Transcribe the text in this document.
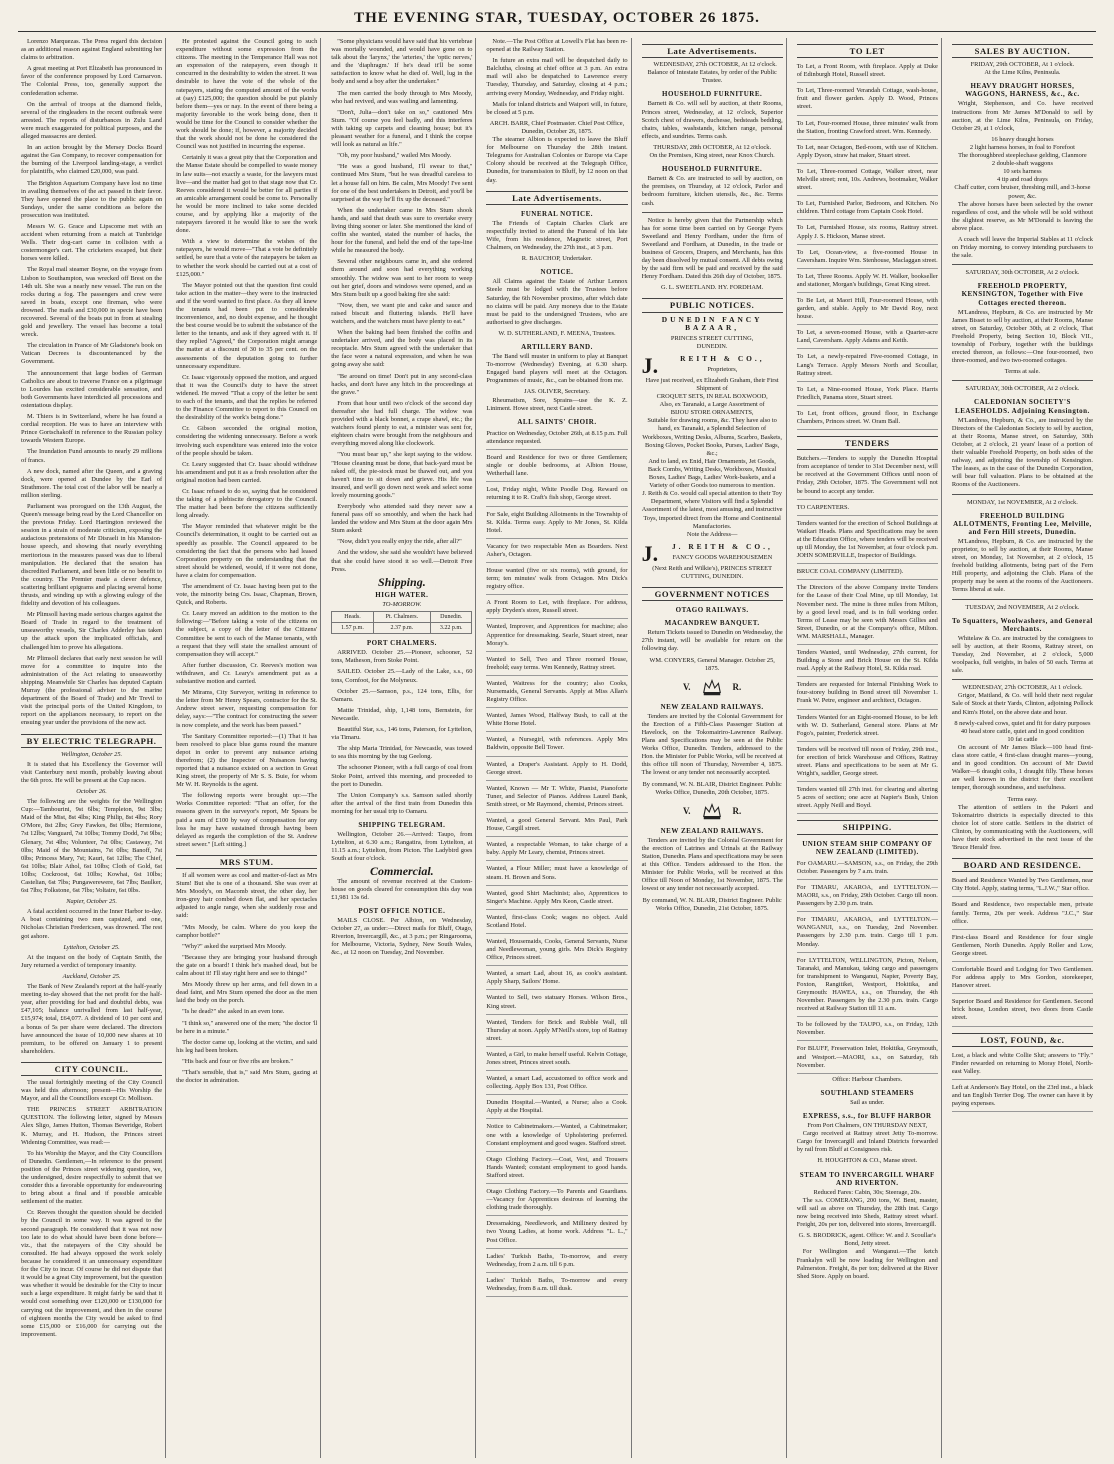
THE EVENING STAR, TUESDAY, OCTOBER 26 1875.

Lorenzo Marquezas. The Press regard this decision as an additional reason against England submitting her claims to arbitration.

A great meeting at Port Elizabeth has pronounced in favor of the conference proposed by Lord Carnarvon. The Colonial Press, too, generally support the confederation scheme.

On the arrival of troops at the diamond fields, several of the ringleaders in the recent outbreak were arrested. The reports of disturbances in Zulu Land were much exaggerated for political purposes, and the alleged massacres are denied.

In an action brought by the Mersey Docks Board against the Gas Company, to recover compensation for the burning of the Liverpool landing-stage, a verdict for plaintiffs, who claimed £20,000, was paid.

The Brighton Aquarium Company have lost no time in availing themselves of the act passed in their favor. They have opened the place to the public again on Sundays, under the same conditions as before the prosecution was instituted.

Messrs W. G. Grace and Lipscome met with an accident when returning from a match at Tunbridge Wells. Their dog-cart came in collision with a costermonger's cart. The cricketers escaped, but their horses were killed.

The Royal mail steamer Boyne, on the voyage from Lisbon to Southampton, was wrecked off Brest on the 14th ult. She was a nearly new vessel. The run on the rocks during a fog. The passengers and crew were saved in boats, except one fireman, who were drowned. The mails and £30,000 in specie have been recovered. Several of the boats put in from at stealing gold and jewellery. The vessel has become a total wreck.

The circulation in France of Mr Gladstone's book on Vatican Decrees is discountenanced by the Government.

The announcement that large bodies of German Catholics are about to traverse France on a pilgrimage to Lourdes has excited considerable sensation, and both Governments have interdicted all processions and ostentatious display.

M. Thiers is in Switzerland, where he has found a cordial reception. He was to have an interview with Prince Gortschakoff in reference to the Russian policy towards Western Europe.

The Inundation Fund amounts to nearly 29 millions of francs.

A new dock, named after the Queen, and a graving dock, were opened at Dundee by the Earl of Strathmore. The total cost of the labor will be nearly a million sterling.

Parliament was prorogued on the 13th August, the Queen's message being read by the Lord Chancellor on the previous Friday. Lord Hartington reviewed the session in a strain of moderate criticism, exposing the audacious pretensions of Mr Disraeli in his Mansion-house speech, and showing that nearly everything meritorious in the measures passed was due to liberal manipulation. He declared that the session has discredited Parliament, and been little or no benefit to the country. The Premier made a clever defence, scattering brilliant epigrams and placing several home thrusts, and winding up with a glowing eulogy of the fidelity and devotion of his colleagues.

Mr Plimsoll having made serious charges against the Board of Trade in regard to the treatment of unseaworthy vessels, Sir Charles Adderley has taken up the attack upon the implicated officials, and challenged him to prove his allegations.

Mr Plimsoll declares that early next session he will move for a committee to inquire into the administration of the Act relating to unseaworthy shipping. Meanwhile Sir Charles has deputed Captain Murray (the professional adviser to the marine department of the Board of Trade) and Mr Trevil to visit the principal ports of the United Kingdom, to report on the appliances necessary, to report on the ensuing year under the provisions of the new act.

BY ELECTRIC TELEGRAPH.
Wellington, October 25.

It is stated that his Excellency the Governor will visit Canterbury next month, probably leaving about the 6th prox. He will be present at the Cup races.

October 26.

The following are the weights for the Wellington Cup:—Tambourini, 9st 6lbs; Templeton, 9st 3lbs; Maid of the Mist, 8st 4lbs; King Philip, 8st 4lbs; Rory O'More, 8st 2lbs; Grey Fawkes, 8st 0lbs; Hermione, 7st 12lbs; Vanguard, 7st 10lbs; Tommy Dodd, 7st 9lbs; Glenary, 7st 4lbs; Volunteer, 7st 0lbs; Castaway, 7st 0lbs; Maid of the Mountains, 7st 0lbs; Banoff, 7st 0lbs; Princess Mary, 7st; Kauri, 6st 12lbs; The Chief, 6st 10lbs; Blair Athol, 6st 10lbs; Cloth of Gold, 6st 10lbs; Cockroost, 6st 10lbs; Kowhai, 6st 10lbs; Castelian, 6st 7lbs; Pungawerewere, 6st 7lbs; Baulker, 6st 7lbs; Folkstone, 6st 7lbs; Voltaire, 6st 0lbs.

Napier, October 25.

A fatal accident occurred in the Inner Harbor to-day. A boat containing two men capsized, and one, Nicholas Christian Fredericsen, was drowned. The rest got ashore.

Lyttelton, October 25.

At the inquest on the body of Captain Smith, the Jury returned a verdict of temporary insanity.

Auckland, October 25.

The Bank of New Zealand's report at the half-yearly meeting to-day showed that the net profit for the half-year, after providing for bad and doubtful debts, was £47,105; balance unrivalled from last half-year, £15,974; total, £64,077. A dividend of 10 per cent and a bonus of 5s per share were declared. The directors have announced the issue of 10,000 new shares at 10 premium, to be offered on January 1 to present shareholders.

CITY COUNCIL.

The usual fortnightly meeting of the City Council was held this afternoon; present—His Worship the Mayor, and all the Councillors except Cr. Mollison.

THE PRINCES STREET ARBITRATION QUESTION. The following letter, signed by Messrs Alex Sligo, James Hutton, Thomas Beveridge, Robert K. Murray, and H. Hudson, the Princes street Widening Committee, was read:—

To his Worship the Mayor, and the City Councillors of Dunedin. Gentlemen,—In reference to the present position of the Princes street widening question, we, the undersigned, desire respectfully to submit that we consider this a favorable opportunity for endeavouring to bring about a final and if possible amicable settlement of the matter.

Cr. Reeves thought the question should be decided by the Council in some way. It was agreed to the second paragraph. He considered that it was not now too late to do what should have been done before—viz., that the ratepayers of the City should be consulted. He had always opposed the work solely because he considered it an unnecessary expenditure for the City to incur. Of course he did not dispute that it would be a great City improvement, but the question was whether it would be desirable for the City to incur such a large expenditure. It might fairly be said that it would cost something over £120,000 or £130,000 for carrying out the improvement, and then in the course of eighteen months the City would be asked to find some £15,000 or £16,000 for carrying out the improvement.

He protested against the Council going to such expenditure without some expression from the citizens. The meeting in the Temperance Hall was not an expression of the ratepayers, even though it concurred in the desirability to widen the street. It was desirable to have the vote of the whole of the ratepayers, stating the computed amount of the works at (say) £125,000; the question should be put plainly before them—yes or nay. In the event of there being a majority favorable to the work being done, then it would be time for the Council to consider whether the work should be done; if, however, a majority decided that the work should not be done he considered the Council was not justified in incurring the expense.

Certainly it was a great pity that the Corporation and the Manse Estate should be compelled to waste money in law suits—not exactly a waste, for the lawyers must live—and the matter had got to that stage now that Cr. Reeves considered it would be better for all parties if an amicable arrangement could be come to. Personally he would be more inclined to take some decided course, and by applying like a majority of the ratepayers favored it he would like to see the work done.

With a view to determine the wishes of the ratepayers, he would move—"That a vote be definitely settled, be sure that a vote of the ratepayers be taken as to whether the work should be carried out at a cost of £125,000."

The Mayor pointed out that the question first could take action in the matter—they were to the instructed and if the word wanted to first place. As they all knew the tenants had been put to considerable inconvenience, and, no doubt expense, and he thought the best course would be to submit the substance of the letter to the tenants, and ask if they agreed with it. If they replied "Agreed," the Corporation might arrange the matter at a discount of 30 to 35 per cent. on the assessments of the deputation going to further unnecessary expenditure.

Cr. Isaac vigorously opposed the motion, and argued that it was the Council's duty to have the street widened. He moved "That a copy of the letter be sent to each of the tenants, and that the replies be referred to the Finance Committee to report to this Council on the desirability of the work's being done."

Cr. Gibson seconded the original motion, considering the widening unnecessary. Before a work involving such expenditure was entered into the voice of the people should be taken.

Cr. Leary suggested that Cr. Isaac should withdraw his amendment and put it as a fresh resolution after the original motion had been carried.

Cr. Isaac refused to do so, saying that he considered the taking of a plebiscite derogatory to the Council. The matter had been before the citizens sufficiently long already.

The Mayor reminded that whatever might be the Council's determination, it ought to be carried out as speedily as possible. The Council appeared to be considering the fact that the persons who had leased Corporation property on the understanding that the street should be widened, would, if it were not done, have a claim for compensation.

The amendment of Cr. Isaac having been put to the vote, the minority being Crs. Isaac, Chapman, Brown, Quick, and Roberts.

Cr. Leary moved an addition to the motion to the following:—"Before taking a vote of the citizens on the subject, a copy of the letter of the Citizens' Committee be sent to each of the Manse tenants, with a request that they will state the smallest amount of compensation they will accept."

After further discussion, Cr. Reeves's motion was withdrawn, and Cr. Leary's amendment put as a substantive motion and carried.

Mr Mirams, City Surveyor, writing in reference to the letter from Mr Henry Spears, contractor for the St. Andrew street sewer, requesting compensation for delay, says:—"The contract for constructing the sewer is now complete, and the work has been passed."

The Sanitary Committee reported:—(1) That it has been resolved to place blue gums round the manure depot in order to prevent any nuisance arising therefrom; (2) the Inspector of Nuisances having reported that a nuisance existed on a section in Great King street, the property of Mr S. S. Buie, for whom Mr W. H. Reynolds is the agent.

The following reports were brought up:—The Works Committee reported: "That an offer, for the reasons given in the surveyor's report, Mr Spears be paid a sum of £100 by way of compensation for any loss he may have sustained through having been delayed as regards the completion of the St. Andrew street sewer." [Left sitting.]

MRS STUM.

If all women were as cool and matter-of-fact as Mrs Stum! But she is one of a thousand. She was over at Mrs Moody's, on Macomb street, the other day, her iron-grey hair combed down flat, and her spectacles adjusted to angle range, when she suddenly rose and said:

"Mrs Moody, be calm. Where do you keep the camphor bottle?"

"Why?" asked the surprised Mrs Moody.

"Because they are bringing your husband through the gate on a board! I think he's mashed dead, but be calm about it! I'll stay right here and see to things!"

Mrs Moody threw up her arms, and fell down in a dead faint, and Mrs Stum opened the door as the men laid the body on the porch.

"Is he dead?" she asked in an even tone.

"I think so," answered one of the men; "the doctor 'll be here in a minute."

The doctor came up, looking at the victim, and said his leg had been broken.

"His back and four or five ribs are broken."

"That's sensible, that is," said Mrs Stum, gazing at the doctor in admiration.

"Some physicians would have said that his vertebrae was mortally wounded, and would have gone on to talk about the 'larynx,' the 'arteries,' the 'optic nerves,' and the 'diaphragm.' If he's dead it'll be some satisfaction to know what he died of. Well, lug in the body and send a boy after the undertaker."

The men carried the body through to Mrs Moody, who had revived, and was wailing and lamenting.

"Don't, Julia—don't take on so," cautioned Mrs Stum. "Of course you feel badly, and this interferes with taking up carpets and cleaning house; but it's pleasant weather for a funeral, and I think the corpse will look as natural as life."

"Oh, my poor husband," wailed Mrs Moody.

"He was a good husband, I'll swear to that," continued Mrs Stum, "but he was dreadful careless to let a house fall on him. Be calm, Mrs Moody! I've sent for one of the best undertakers in Detroit, and you'll be surprised at the way he'll fix up the deceased."

When the undertaker came in Mrs Stum shook hands, and said that death was sure to overtake every living thing sooner or later. She mentioned the kind of coffin she wanted, stated the number of hacks, the hour for the funeral, and held the end of the tape-line while he measured the body.

Several other neighbours came in, and she ordered them around and soon had everything working smoothly. The widow was sent to her room to weep out her grief, doors and windows were opened, and as Mrs Stum built up a good baking fire she said:

"Now, then, we want pie and cake and sauce and raised biscuit and fluttering islands. He'll have watchers, and the watchers must have plenty to eat."

When the baking had been finished the coffin and undertaker arrived, and the body was placed in its receptacle. Mrs Stum agreed with the undertaker that the face wore a natural expression, and when he was going away she said:

"Be around on time! Don't put in any second-class hacks, and don't have any hitch in the proceedings at the grave."

From that hour until two o'clock of the second day thereafter she had full charge. The widow was provided with a black bonnet, a crape shawl, etc.; the watchers found plenty to eat, a minister was sent for, eighteen chairs were brought from the neighbours and everything moved along like clockwork.

"You must bear up," she kept saying to the widow. "House cleaning must be done, that back-yard must be raked off, the pie-stock must be thawed out, and you haven't time to sit down and grieve. His life was insured, and we'll go down next week and select some lovely mourning goods."

Everybody who attended said they never saw a funeral pass off so smoothly, and when the hack had landed the widow and Mrs Stum at the door again Mrs Stum asked:

"Now, didn't you really enjoy the ride, after all?"

And the widow, she said she wouldn't have believed that she could have stood it so well.—Detroit Free Press.

Shipping.
HIGH WATER.
TO-MORROW.
Heads.	Pt. Chalmers.	Dunedin.
1.57 p.m.	2.37 p.m.	3.22 p.m.
PORT CHALMERS.

ARRIVED. October 25.—Pioneer, schooner, 52 tons, Matheson, from Stoke Point.

SAILED. October 25.—Lady of the Lake, s.s., 60 tons, Cornfoot, for the Molyneux.

October 25.—Samson, p.s., 124 tons, Ellis, for Oamaru.

Mattie Trinidad, ship, 1,148 tons, Bernstein, for Newcastle.

Beautiful Star, s.s., 146 tons, Paterson, for Lyttelton, via Timaru.

The ship Maria Trinidad, for Newcastle, was towed to sea this morning by the tug Geelong.

The schooner Pioneer, with a full cargo of coal from Stoke Point, arrived this morning, and proceeded to the port to Dunedin.

The Union Company's s.s. Samson sailed shortly after the arrival of the first train from Dunedin this morning for her usual trip to Oamaru.

SHIPPING TELEGRAM.

Wellington, October 26.—Arrived: Taupo, from Lyttelton, at 6.30 a.m.; Rangatira, from Lyttelton, at 11.15 a.m.; Lyttelton, from Picton. The Ladybird goes South at four o'clock.

Commercial.

The amount of revenue received at the Custom-house on goods cleared for consumption this day was £1,981 13s 6d.

POST OFFICE NOTICE.

MAILS CLOSE. Per Albion, on Wednesday, October 27, as under:—Direct mails for Bluff, Otago, Riverton, Invercargill, &c., at 3 p.m.; per Ringarooma, for Melbourne, Victoria, Sydney, New South Wales, &c., at 12 noon on Tuesday, 2nd November.

Note.—The Post Office at Lowell's Flat has been re-opened at the Railway Station.

In future an extra mail will be despatched daily to Balclutha, closing at chief office at 3 p.m. An extra mail will also be despatched to Lawrence every Tuesday, Thursday, and Saturday, closing at 4 p.m.; arriving every Monday, Wednesday, and Friday night.

Mails for inland districts and Waipori will, in future, be closed at 5 p.m.

ARCH. BARR, Chief Postmaster. Chief Post Office, Dunedin, October 26, 1875.

The steamer Albion is expected to leave the Bluff for Melbourne on Thursday the 28th instant. Telegrams for Australian Colonies or Europe via Cape Colony should be received at the Telegraph Office, Dunedin, for transmission to Bluff, by 12 noon on that day.

Late Advertisements.
FUNERAL NOTICE.

The Friends of Captain Charles Clark are respectfully invited to attend the Funeral of his late Wife, from his residence, Magnetic street, Port Chalmers, on Wednesday, the 27th inst., at 3 p.m.

R. BAUCHOP, Undertaker.
NOTICE.

All Claims against the Estate of Arthur Lennox Steele must be lodged with the Trustees before Saturday, the 6th November proximo, after which date no claims will be paid. Any moneys due to the Estate must be paid to the undersigned Trustees, who are authorised to give discharges.

W. D. SUTHERLAND, F. MEENA, Trustees.
ARTILLERY BAND.

The Band will muster in uniform to play at Banquet To-morrow (Wednesday) Evening, at 6.30 sharp. Engaged band players will meet at the Octagon. Programmes of music, &c., can be obtained from me.

JAS. OLIVER, Secretary.

Rheumatism, Sore, Sprains—use the K. Z. Liniment. Howe street, next Castle street.

ALL SAINTS' CHOIR.
Practice on Wednesday, October 26th, at 8.15 p.m. Full attendance requested.
Board and Residence for two or three Gentlemen; single or double bedrooms, at Albion House, Wetherhall lane.
Lost, Friday night, White Poodle Dog. Reward on returning it to R. Craft's fish shop, George street.
For Sale, eight Building Allotments in the Township of St. Kilda. Terms easy. Apply to Mr Jones, St. Kilda Hotel.
Vacancy for two respectable Men as Boarders. Next Asher's, Octagon.
House wanted (five or six rooms), with ground, for term; ten minutes' walk from Octagon. Mrs Dick's registry office.
A Front Room to Let, with fireplace. For address, apply Dryden's store, Russell street.
Wanted, Improver, and Apprentices for machine; also Apprentice for dressmaking. Searle, Stuart street, near Moray's.
Wanted to Sell, Two and Three roomed House, freehold; easy terms. Wm Kennedy, Rattray street.
Wanted, Waitress for the country; also Cooks, Nursemaids, General Servants. Apply at Miss Allan's Registry Office.
Wanted, James Wood, Halfway Bush, to call at the White Horse Hotel.
Wanted, a Nursegirl, with references. Apply Mrs Baldwin, opposite Bell Tower.
Wanted, a Draper's Assistant. Apply to H. Dodd, George street.
Wanted, Known — Mr T. White, Pianist, Pianoforte Tuner, and Selector of Pianos. Address Laurel Bank, Smith street, or Mr Raymond, chemist, Princes street.
Wanted, a good General Servant. Mrs Paul, Park House, Cargill street.
Wanted, a respectable Woman, to take charge of a baby. Apply Mr Leary, chemist, Princes street.
Wanted, a Flour Miller; must have a knowledge of steam. H. Brown and Sons.
Wanted, good Shirt Machinist; also, Apprentices to Singer's Machine. Apply Mrs Keon, Castle street.
Wanted, first-class Cook; wages no object. Auld Scotland Hotel.
Wanted, Housemaids, Cooks, General Servants, Nurse and Needlewoman, young girls. Mrs Dick's Registry Office, Princes street.
Wanted, a smart Lad, about 16, as cook's assistant. Apply Sharp, Sailors' Home.
Wanted to Sell, two statuary Horses. Wilson Bros., King street.
Wanted, Tenders for Brick and Rubble Wall, till Thursday at noon. Apply M'Neill's store, top of Rattray street.
Wanted, a Girl, to make herself useful. Kelvin Cottage, Jones street, Princes street south.
Wanted, a smart Lad, accustomed to office work and collecting. Apply Box 131, Post Office.
Dunedin Hospital.—Wanted, a Nurse; also a Cook. Apply at the Hospital.
Notice to Cabinetmakers.—Wanted, a Cabinetmaker; one with a knowledge of Upholstering preferred. Constant employment and good wages. Stafford street.
Otago Clothing Factory.—Coat, Vest, and Trousers Hands Wanted; constant employment to good hands. Stafford street.
Otago Clothing Factory.—To Parents and Guardians.—Vacancy for Apprentices desirous of learning the clothing trade thoroughly.
Dressmaking, Needlework, and Millinery desired by two Young Ladies, at home work. Address "L. L.," Post Office.
Ladies' Turkish Baths, To-morrow, and every Wednesday, from 2 a.m. till 6 p.m.
Ladies' Turkish Baths, To-morrow and every Wednesday, from 8 a.m. till dusk.
Late Advertisements.

WEDNESDAY, 27th OCTOBER, At 12 o'clock. Balance of Intestate Estates, by order of the Public Trustee.

HOUSEHOLD FURNITURE.

Barnett & Co. will sell by auction, at their Rooms, Princes street, Wednesday, at 12 o'clock, Superior Scotch chest of drawers, duchesse, bedsteads bedding, chairs, tables, washstands, kitchen range, personal effects, and sundries. Terms cash.

THURSDAY, 28th OCTOBER, At 12 o'clock.
On the Premises, King street, near Knox Church.
HOUSEHOLD FURNITURE.

Barnett & Co. are instructed to sell by auction, on the premises, on Thursday, at 12 o'clock, Parlor and bedroom furniture, kitchen utensils, &c., &c. Terms cash.

Notice is hereby given that the Partnership which has for some time been carried on by George Fyers Sweetland and Henry Fordham, under the firm of Sweetland and Fordham, at Dunedin, in the trade or business of Grocers, Drapers, and Merchants, has this day been dissolved by mutual consent. All debts owing by the said firm will be paid and received by the said Henry Fordham. Dated this 26th day of October, 1875.

G. L. SWEETLAND. HY. FORDHAM.
PUBLIC NOTICES.
DUNEDIN FANCY BAZAAR,
PRINCES STREET CUTTING,
DUNEDIN.
J.	REITH & CO.,
Proprietors,
Have just received, ex Elizabeth Graham, their First Shipment of
CROQUET SETS, IN REAL BOXWOOD,
Also, ex Taranaki, a Large Assortment of
BIJOU STORE ORNAMENTS,
Suitable for drawing rooms, &c. They have also to hand, ex Taranaki, a Splendid Selection of
Workboxes, Writing Desks, Albums, Scarbro, Baskets, Boxing Gloves, Pocket Books, Purses, Ladies' Bags, &c.;
And to land, ex Enid, Hair Ornaments, Jet Goods, Back Combs, Writing Desks, Workboxes, Musical Boxes, Ladies' Bags, Ladies' Work-baskets, and a Variety of other Goods too numerous to mention.
J. Reith & Co. would call special attention to their Toy Department, where Visitors will find a Splendid Assortment of the latest, most amusing, and instructive Toys, imported direct from the Home and Continental Manufactories.
Note the Address—
J.	J. REITH & CO.,
FANCY GOODS WAREHOUSEMEN
(Next Reith and Wilkie's), PRINCES STREET CUTTING, DUNEDIN.
GOVERNMENT NOTICES
OTAGO RAILWAYS.
MACANDREW BANQUET.

Return Tickets issued to Dunedin on Wednesday, the 27th instant, will be available for return on the following day.

WM. CONYERS, General Manager. October 25, 1875.
V.	R.
NEW ZEALAND RAILWAYS.

Tenders are invited by the Colonial Government for the Erection of a Fifth-Class Passenger Station at Havelock, on the Tokomairiro-Lawrence Railway. Plans and Specifications may be seen at the Public Works Office, Dunedin. Tenders, addressed to the Hon. the Minister for Public Works, will be received at this office till noon of Thursday, November 4, 1875. The lowest or any tender not necessarily accepted.

By command, W. N. BLAIR, District Engineer. Public Works Office, Dunedin, 20th October, 1875.
V.	R.
NEW ZEALAND RAILWAYS.

Tenders are invited by the Colonial Government for the erection of Latrines and Urinals at the Railway Station, Dunedin. Plans and specifications may be seen at this Office. Tenders addressed to the Hon. the Minister for Public Works, will be received at this Office till Noon of Monday, 1st November, 1875. The lowest or any tender not necessarily accepted.

By command, W. N. BLAIR, District Engineer. Public Works Office, Dunedin, 21st October, 1875.
TO LET
To Let, a Front Room, with fireplace. Apply at Duke of Edinburgh Hotel, Russell street.
To Let, Three-roomed Verandah Cottage, wash-house, fruit and flower garden. Apply D. Wood, Princes street.
To Let, Four-roomed House, three minutes' walk from the Station, fronting Crawford street. Wm. Kennedy.
To Let, near Octagon, Bed-room, with use of Kitchen. Apply Dyson, straw hat maker, Stuart street.
To Let, Three-roomed Cottage, Walker street, near Melville street; rent, 10s. Andrews, bootmaker, Walker street.
To Let, Furnished Parlor, Bedroom, and Kitchen. No children. Third cottage from Captain Cook Hotel.
To Let, Furnished House, six rooms, Rattray street. Apply J. S. Hickson, Manse street.
To Let, Ocean-view, a five-roomed House in Caversham. Inquire Wm. Stenhouse, Maclaggan street.
To Let, Three Rooms. Apply W. H. Walker, bookseller and stationer, Morgan's buildings, Great King street.
To Be Let, at Maori Hill, Four-roomed House, with garden, and stable. Apply to Mr David Roy, next house.
To Let, a seven-roomed House, with a Quarter-acre Land, Caversham. Apply Adams and Keith.
To Let, a newly-repaired Five-roomed Cottage, in Lang's Terrace. Apply Messrs North and Scoullar, Rattray street.
To Let, a Nine-roomed House, York Place. Harris Friedlich, Panama store, Stuart street.
To Let, front offices, ground floor, in Exchange Chambers, Princes street. W. Oram Ball.
TENDERS
Butchers.—Tenders to supply the Dunedin Hospital from acceptance of tender to 31st December next, will be received at the Government Offices until noon of Friday, 29th October, 1875. The Government will not be bound to accept any tender.
TO CARPENTERS.
Tenders wanted for the erection of School Buildings at Waikari Heads. Plans and Specifications may be seen at the Education Office, where tenders will be received up till Monday, the 1st November, at four o'clock p.m. JOHN SOMERVILLE, Inspector of Buildings.
BRUCE COAL COMPANY (LIMITED).
The Directors of the above Company invite Tenders for the Lease of their Coal Mine, up till Monday, 1st November next. The mine is three miles from Milton, by a good level road, and is in full working order. Terms of Lease may be seen with Messrs Gillies and Street, Dunedin, or at the Company's office, Milton. WM. MARSHALL, Manager.
Tenders Wanted, until Wednesday, 27th current, for Building a Stone and Brick House on the St. Kilda road. Apply at the Railway Hotel, St. Kilda road.
Tenders are requested for Internal Finishing Work to four-storey building in Bond street till November 1. Frank W. Petre, engineer and architect, Octagon.
Tenders Wanted for an Eight-roomed House, to be left with W. D. Sutherland, General store. Plans at Mr Fogo's, painter, Frederick street.
Tenders will be received till noon of Friday, 29th inst., for erection of brick Warehouse and Offices, Rattray street. Plans and specifications to be seen at Mr G. Wright's, saddler, George street.
Tenders wanted till 27th inst. for clearing and altering 5 acres of section; one acre at Napier's Bush, Union street. Apply Neill and Boyd.
SHIPPING.
UNION STEAM SHIP COMPANY OF NEW ZEALAND (LIMITED).
For OAMARU.—SAMSON, s.s., on Friday, the 29th October. Passengers by 7 a.m. train.
For TIMARU, AKAROA, and LYTTELTON.—MAORI, s.s., on Friday, 29th October. Cargo till noon. Passengers by 2.30 p.m. train.
For TIMARU, AKAROA, and LYTTELTON.—WANGANUI, s.s., on Tuesday, 2nd November. Passengers by 2.30 p.m. train. Cargo till 1 p.m. Monday.
For LYTTELTON, WELLINGTON, Picton, Nelson, Taranaki, and Manukau, taking cargo and passengers for transhipment to Wanganui, Napier, Poverty Bay, Foxton, Rangitikei, Westport, Hokitika, and Greymouth: HAWEA, s.s., on Thursday, the 4th November. Passengers by the 2.30 p.m. train. Cargo received at Railway Station till 11 a.m.
To be followed by the TAUPO, s.s., on Friday, 12th November.
For BLUFF, Freservation Inlet, Hokitika, Greymouth, and Westport.—MAORI, s.s., on Saturday, 6th November.
Office: Harbour Chambers.
SOUTHLAND STEAMERS
Sail as under.
EXPRESS, s.s., for BLUFF HARBOR
From Port Chalmers, ON THURSDAY NEXT,

Cargo received at Rattray street Jetty To-morrow. Cargo for Invercargill and Inland Districts forwarded by rail from Bluff at Consignees risk.

H. HOUGHTON & CO., Manse street.
STEAM TO INVERCARGILL WHARF AND RIVERTON.
Reduced Fares: Cabin, 30s; Steerage, 20s.

The s.s. COMERANG, 200 tons, W. Bent, master, will sail as above on Thursday, the 28th inst. Cargo now being received into Sheds, Rattray street wharf. Freight, 20s per ton, delivered into stores, Invercargill.

G. S. BRODRICK, agent. Office: W. and J. Scoullar's Bond, Jetty street.

For Wellington and Wanganui.—The ketch Frankalyn will be now loading for Wellington and Palmerston. Freight, 8s per ton; delivered at the River Shed Store. Apply on board.

SALES BY AUCTION.
FRIDAY, 29th OCTOBER, At 1 o'clock.
At the Lime Kilns, Peninsula.
HEAVY DRAUGHT HORSES, WAGGONS, HARNESS, &c., &c.

Wright, Stephenson, and Co. have received instructions from Mr James M'Donald to sell by auction, at the Lime Kilns, Peninsula, on Friday, October 29, at 1 o'clock,

16 heavy draught horses
2 light harness horses, in foal to Forefoot
The thoroughbred steeplechase gelding, Clanmore
2 double-shaft waggons
10 sets harness
4 tip and road drays
Chaff cutter, corn bruiser, threshing mill, and 3-horse power, &c.

The above horses have been selected by the owner regardless of cost, and the whole will be sold without the slightest reserve, as Mr M'Donald is leaving the above place.

A coach will leave the Imperial Stables at 11 o'clock on Friday morning, to convey intending purchasers to the sale.

SATURDAY, 30th OCTOBER, At 2 o'clock.
FREEHOLD PROPERTY, KENSINGTON, Together with Five Cottages erected thereon.

M'Landress, Hepburn, & Co. are instructed by Mr James Bisset to sell by auction, at their Rooms, Manse street, on Saturday, October 30th, at 2 o'clock, That Freehold Property, being Section 10, Block VII., township of Forbury, together with the buildings erected thereon, as follows:—One four-roomed, two three-roomed, and two two-roomed cottages.

Terms at sale.
SATURDAY, 30th OCTOBER, At 2 o'clock.
CALEDONIAN SOCIETY'S LEASEHOLDS. Adjoining Kensington.

M'Landress, Hepburn, & Co., are instructed by the Directors of the Caledonian Society to sell by auction, at their Rooms, Manse street, on Saturday, 30th October, at 2 o'clock, 21 years' lease of a portion of their valuable Freehold Property, on both sides of the railway, and adjoining the township of Kensington. The leases, as in the case of the Dunedin Corporation, will bear full valuation. Plans to be obtained at the Rooms of the Auctioneers.

MONDAY, 1st NOVEMBER, At 2 o'clock.
FREEHOLD BUILDING ALLOTMENTS, Fronting Lee, Melville, and Fern Hill streets, Dunedin.

M'Landress, Hepburn, & Co. are instructed by the proprietor, to sell by auction, at their Rooms, Manse street, on Monday, 1st November, at 2 o'clock, 15 freehold building allotments, being part of the Fern Hill property, and adjoining the Club. Plans of the property may be seen at the rooms of the Auctioneers. Terms liberal at sale.

TUESDAY, 2nd NOVEMBER, At 2 o'clock.
To Squatters, Woolwashers, and General Merchants.

Whitelaw & Co. are instructed by the consignees to sell by auction, at their Rooms, Rattray street, on Tuesday, 2nd November, at 2 o'clock, 5,000 woolpacks, full weights, in bales of 50 each. Terms at sale.

WEDNESDAY, 27th OCTOBER, At 1 o'clock.

Grigor, Maitland, & Co. will hold their next regular Sale of Stock at their Yards, Clinton, adjoining Pollock and Kim's Hotel, on the above date and hour.

8 newly-calved cows, quiet and fit for dairy purposes
40 head store cattle, quiet and in good condition
10 fat cattle

On account of Mr James Black—100 head first-class store cattle, 4 first-class draught mares—young, and in good condition. On account of Mr David Walker—6 draught colts, 1 draught filly. These horses are well known in the district for their excellent temper, thorough soundness, and usefulness.

Terms easy.

The attention of settlers in the Pukeri and Tokomairiro districts is especially directed to this choice lot of store cattle. Settlers in the district of Clinton, by communicating with the Auctioneers, will have their stock advertised in the next issue of the 'Bruce Herald' free.

BOARD AND RESIDENCE.
Board and Residence Wanted by Two Gentlemen, near City Hotel. Apply, stating terms, "L.J.W.," Star office.
Board and Residence, two respectable men, private family. Terms, 20s per week. Address "J.C.," Star office.
First-class Board and Residence for four single Gentlemen, North Dunedin. Apply Roller and Low, George street.
Comfortable Board and Lodging for Two Gentlemen. For address apply to Mrs Gordon, storekeeper, Hanover street.
Superior Board and Residence for Gentlemen. Second brick house, London street, two doors from Castle street.
LOST, FOUND, &c.
Lost, a black and white Collie Slut; answers to "Fly." Finder rewarded on returning to Moray Hotel, North-east Valley.
Left at Anderson's Bay Hotel, on the 23rd inst., a black and tan English Terrier Dog. The owner can have it by paying expenses.
